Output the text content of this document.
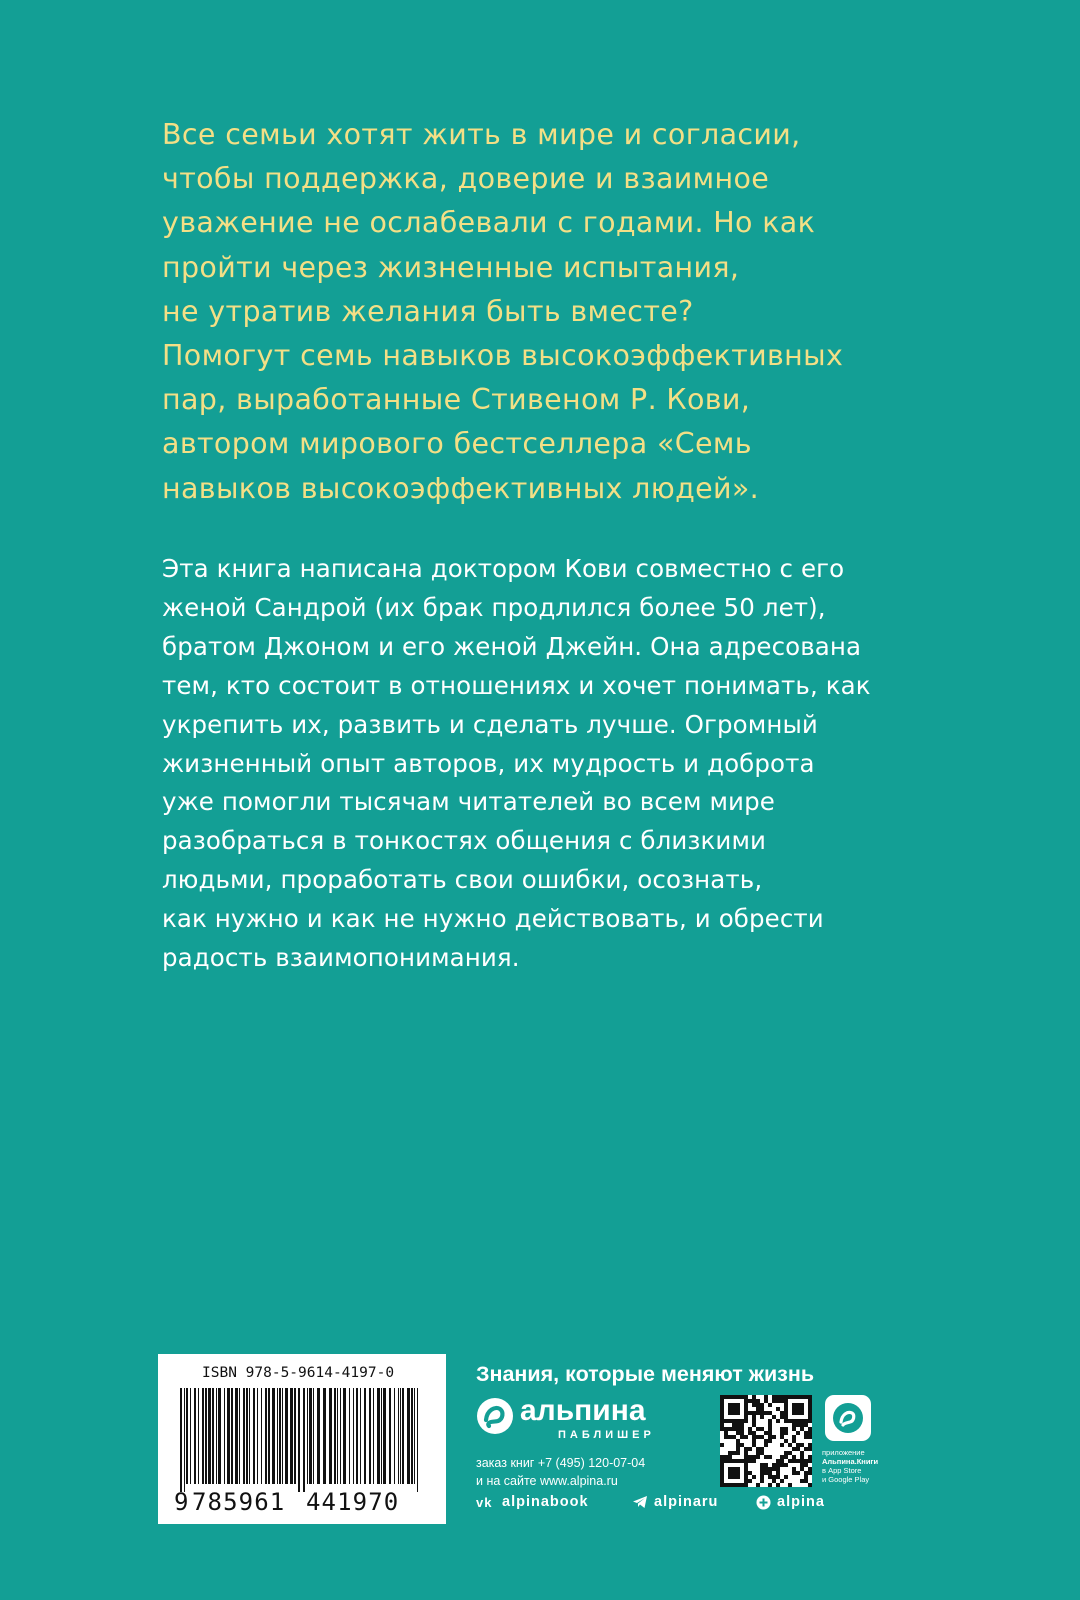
Все семьи хотят жить в мире и согласии,
чтобы поддержка, доверие и взаимное
уважение не ослабевали с годами. Но как
пройти через жизненные испытания,
не утратив желания быть вместе?
Помогут семь навыков высокоэффективных
пар, выработанные Стивеном Р. Кови,
автором мирового бестселлера «Семь
навыков высокоэффективных людей».
Эта книга написана доктором Кови совместно с его
женой Сандрой (их брак продлился более 50 лет),
братом Джоном и его женой Джейн. Она адресована
тем, кто состоит в отношениях и хочет понимать, как
укрепить их, развить и сделать лучше. Огромный
жизненный опыт авторов, их мудрость и доброта
уже помогли тысячам читателей во всем мире
разобраться в тонкостях общения с близкими
людьми, проработать свои ошибки, осознать,
как нужно и как не нужно действовать, и обрести
радость взаимопонимания.
ISBN 978-5-9614-4197-0
9 785961 441970
Знания, которые меняют жизнь
альпина
ПАБЛИШЕР
заказ книг +7 (495) 120-07-04
и на сайте www.alpina.ru
приложение
Альпина.Книги
в App Store
и Google Play
vk alpinabook	alpinaru	alpina
